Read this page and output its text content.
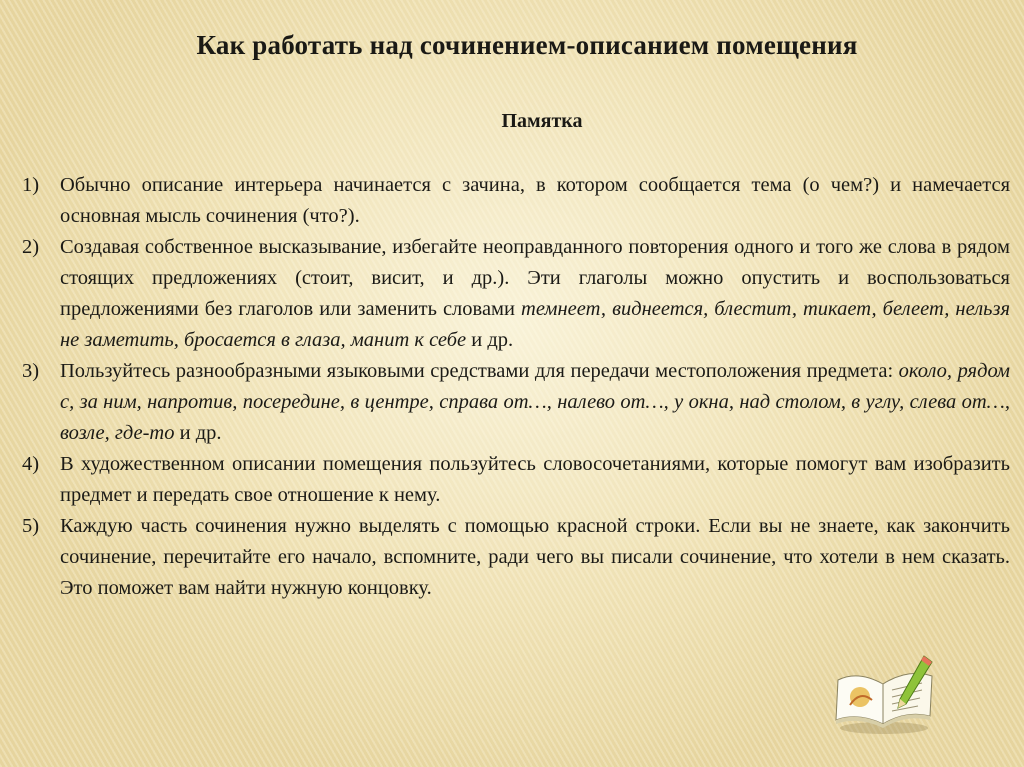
Как работать над сочинением-описанием помещения
Памятка
1) Обычно описание интерьера начинается с зачина, в котором сообщается тема (о чем?) и намечается основная мысль сочинения (что?).
2) Создавая собственное высказывание, избегайте неоправданного повторения одного и того же слова в рядом стоящих предложениях (стоит, висит, и др.). Эти глаголы можно опустить и воспользоваться предложениями без глаголов или заменить словами темнеет, виднеется, блестит, тикает, белеет, нельзя не заметить, бросается в глаза, манит к себе и др.
3) Пользуйтесь разнообразными языковыми средствами для передачи местоположения предмета: около, рядом с, за ним, напротив, посередине, в центре, справа от…, налево от…, у окна, над столом, в углу, слева от…, возле, где-то и др.
4) В художественном описании помещения пользуйтесь словосочетаниями, которые помогут вам изобразить предмет и передать свое отношение к нему.
5) Каждую часть сочинения нужно выделять с помощью красной строки. Если вы не знаете, как закончить сочинение, перечитайте его начало, вспомните, ради чего вы писали сочинение, что хотели в нем сказать. Это поможет вам найти нужную концовку.
